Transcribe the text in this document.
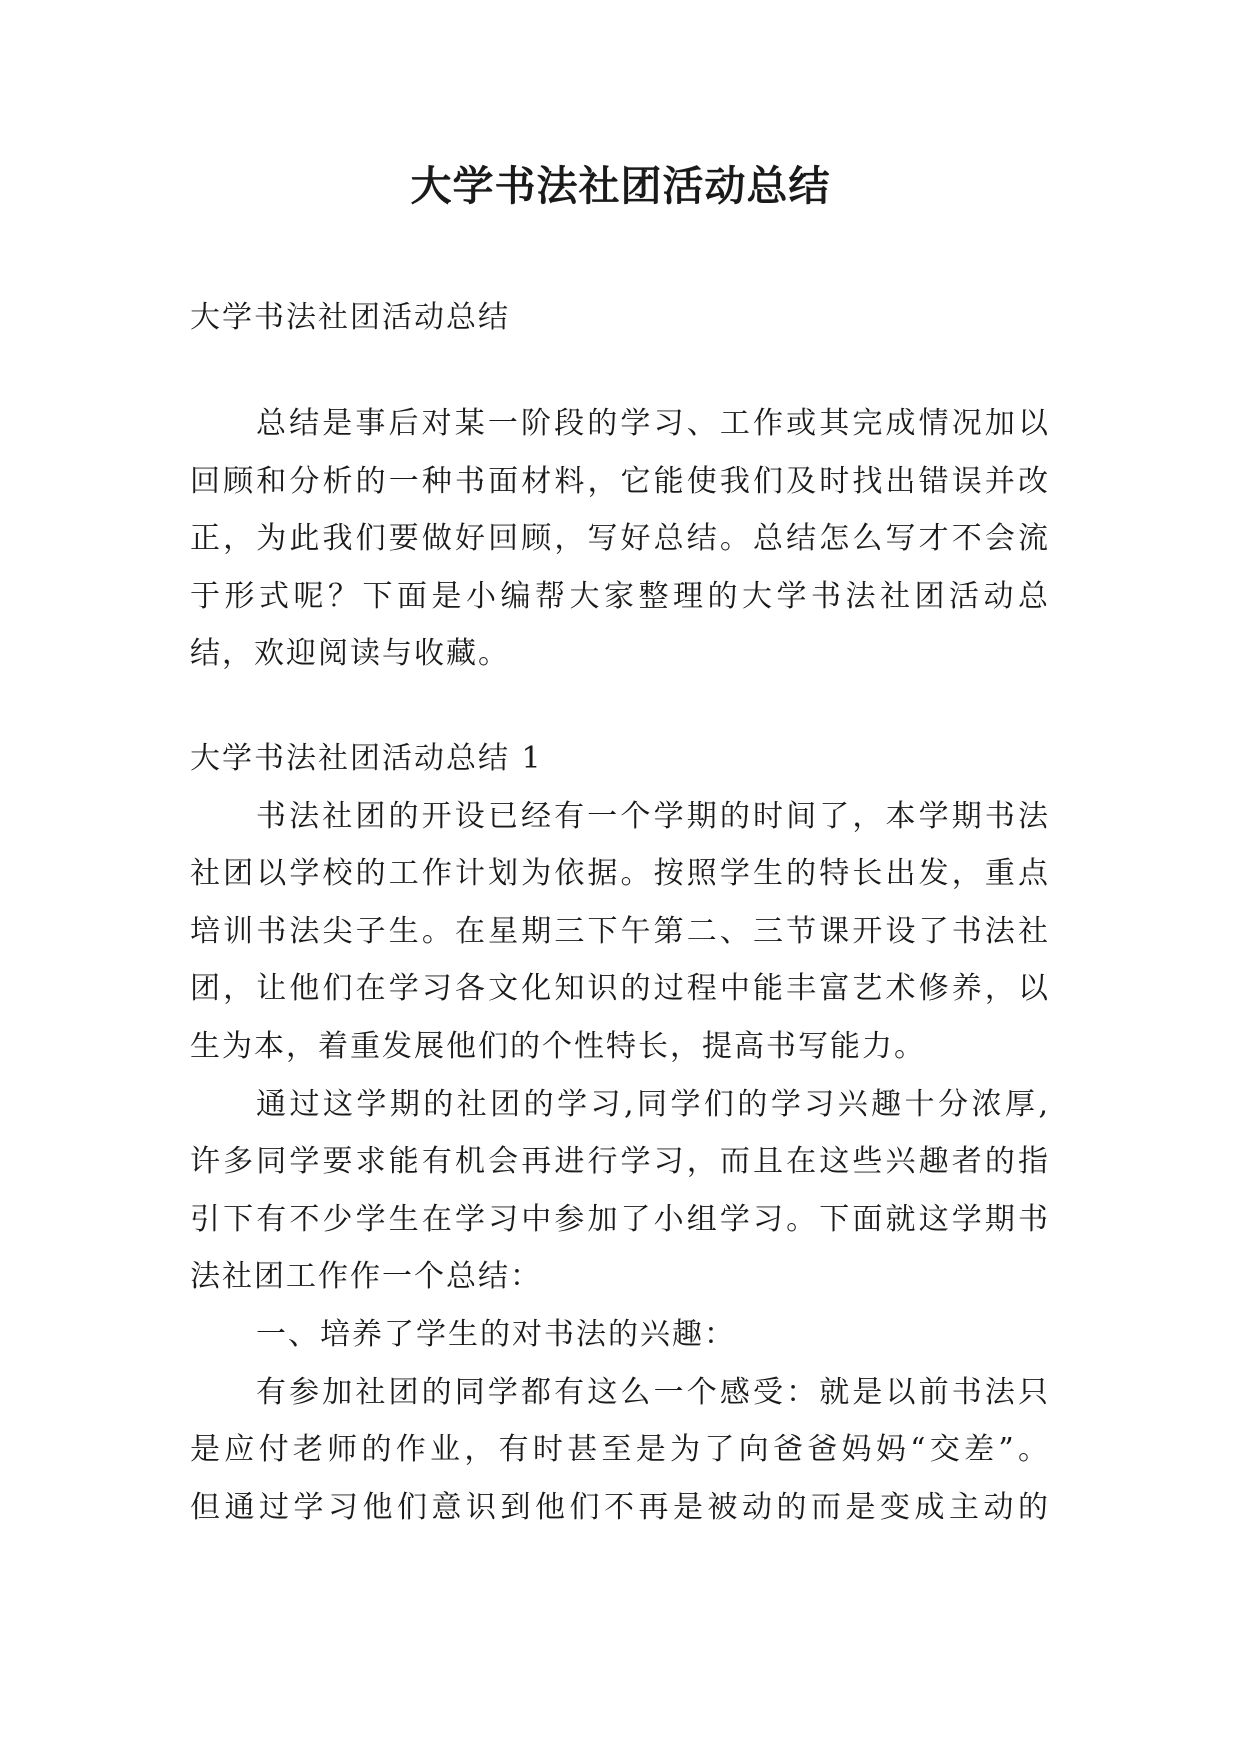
大学书法社团活动总结

大学书法社团活动总结

总结是事后对某一阶段的学习、工作或其完成情况加以

回顾和分析的一种书面材料，它能使我们及时找出错误并改

正，为此我们要做好回顾，写好总结。总结怎么写才不会流

于形式呢？下面是小编帮大家整理的大学书法社团活动总

结，欢迎阅读与收藏。

大学书法社团活动总结 1

书法社团的开设已经有一个学期的时间了，本学期书法

社团以学校的工作计划为依据。按照学生的特长出发，重点

培训书法尖子生。在星期三下午第二、三节课开设了书法社

团，让他们在学习各文化知识的过程中能丰富艺术修养，以

生为本，着重发展他们的个性特长，提高书写能力。

通过这学期的社团的学习,同学们的学习兴趣十分浓厚,

许多同学要求能有机会再进行学习，而且在这些兴趣者的指

引下有不少学生在学习中参加了小组学习。下面就这学期书

法社团工作作一个总结：

一、培养了学生的对书法的兴趣：

有参加社团的同学都有这么一个感受：就是以前书法只

是应付老师的作业，有时甚至是为了向爸爸妈妈“交差”。

但通过学习他们意识到他们不再是被动的而是变成主动的
